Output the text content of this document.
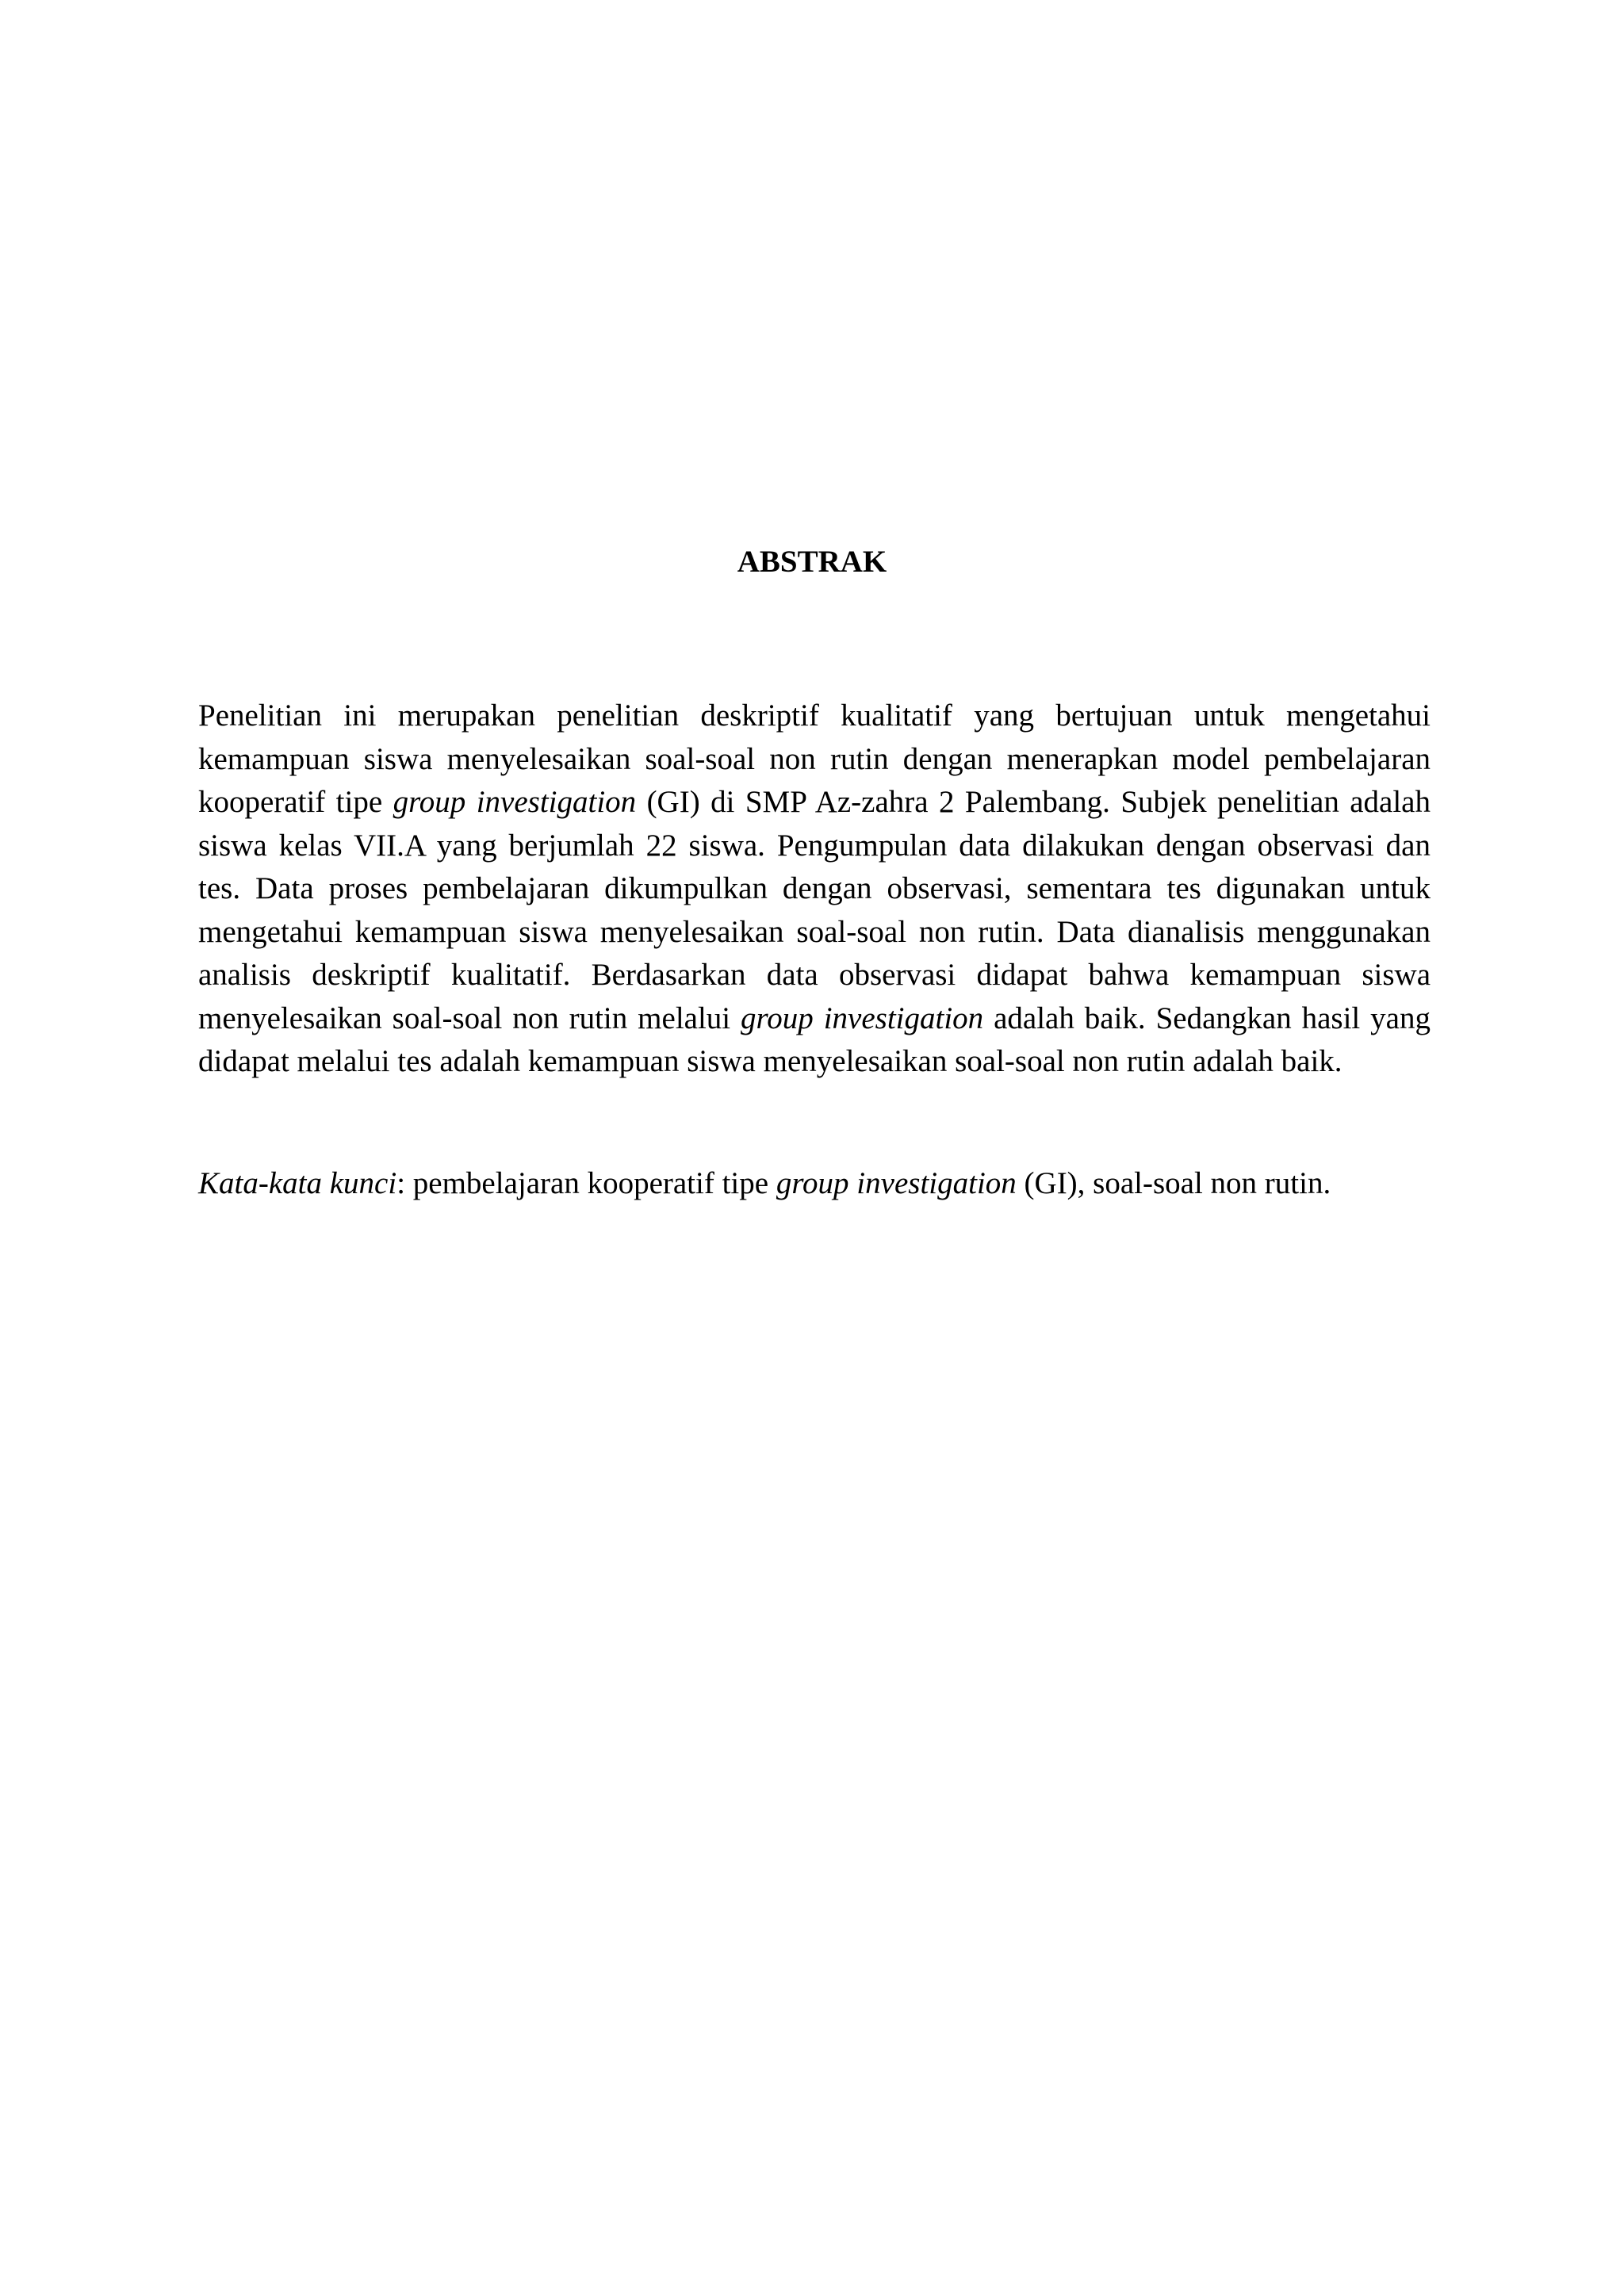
ABSTRAK

Penelitian ini merupakan penelitian deskriptif kualitatif yang bertujuan untuk mengetahui kemampuan siswa menyelesaikan soal-soal non rutin dengan menerapkan model pembelajaran kooperatif tipe group investigation (GI) di SMP Az-zahra 2 Palembang. Subjek penelitian adalah siswa kelas VII.A yang berjumlah 22 siswa. Pengumpulan data dilakukan dengan observasi dan tes. Data proses pembelajaran dikumpulkan dengan observasi, sementara tes digunakan untuk mengetahui kemampuan siswa menyelesaikan soal-soal non rutin. Data dianalisis menggunakan analisis deskriptif kualitatif. Berdasarkan data observasi didapat bahwa kemampuan siswa menyelesaikan soal-soal non rutin melalui group investigation adalah baik. Sedangkan hasil yang didapat melalui tes adalah kemampuan siswa menyelesaikan soal-soal non rutin adalah baik.

Kata-kata kunci: pembelajaran kooperatif tipe group investigation (GI), soal-soal non rutin.
